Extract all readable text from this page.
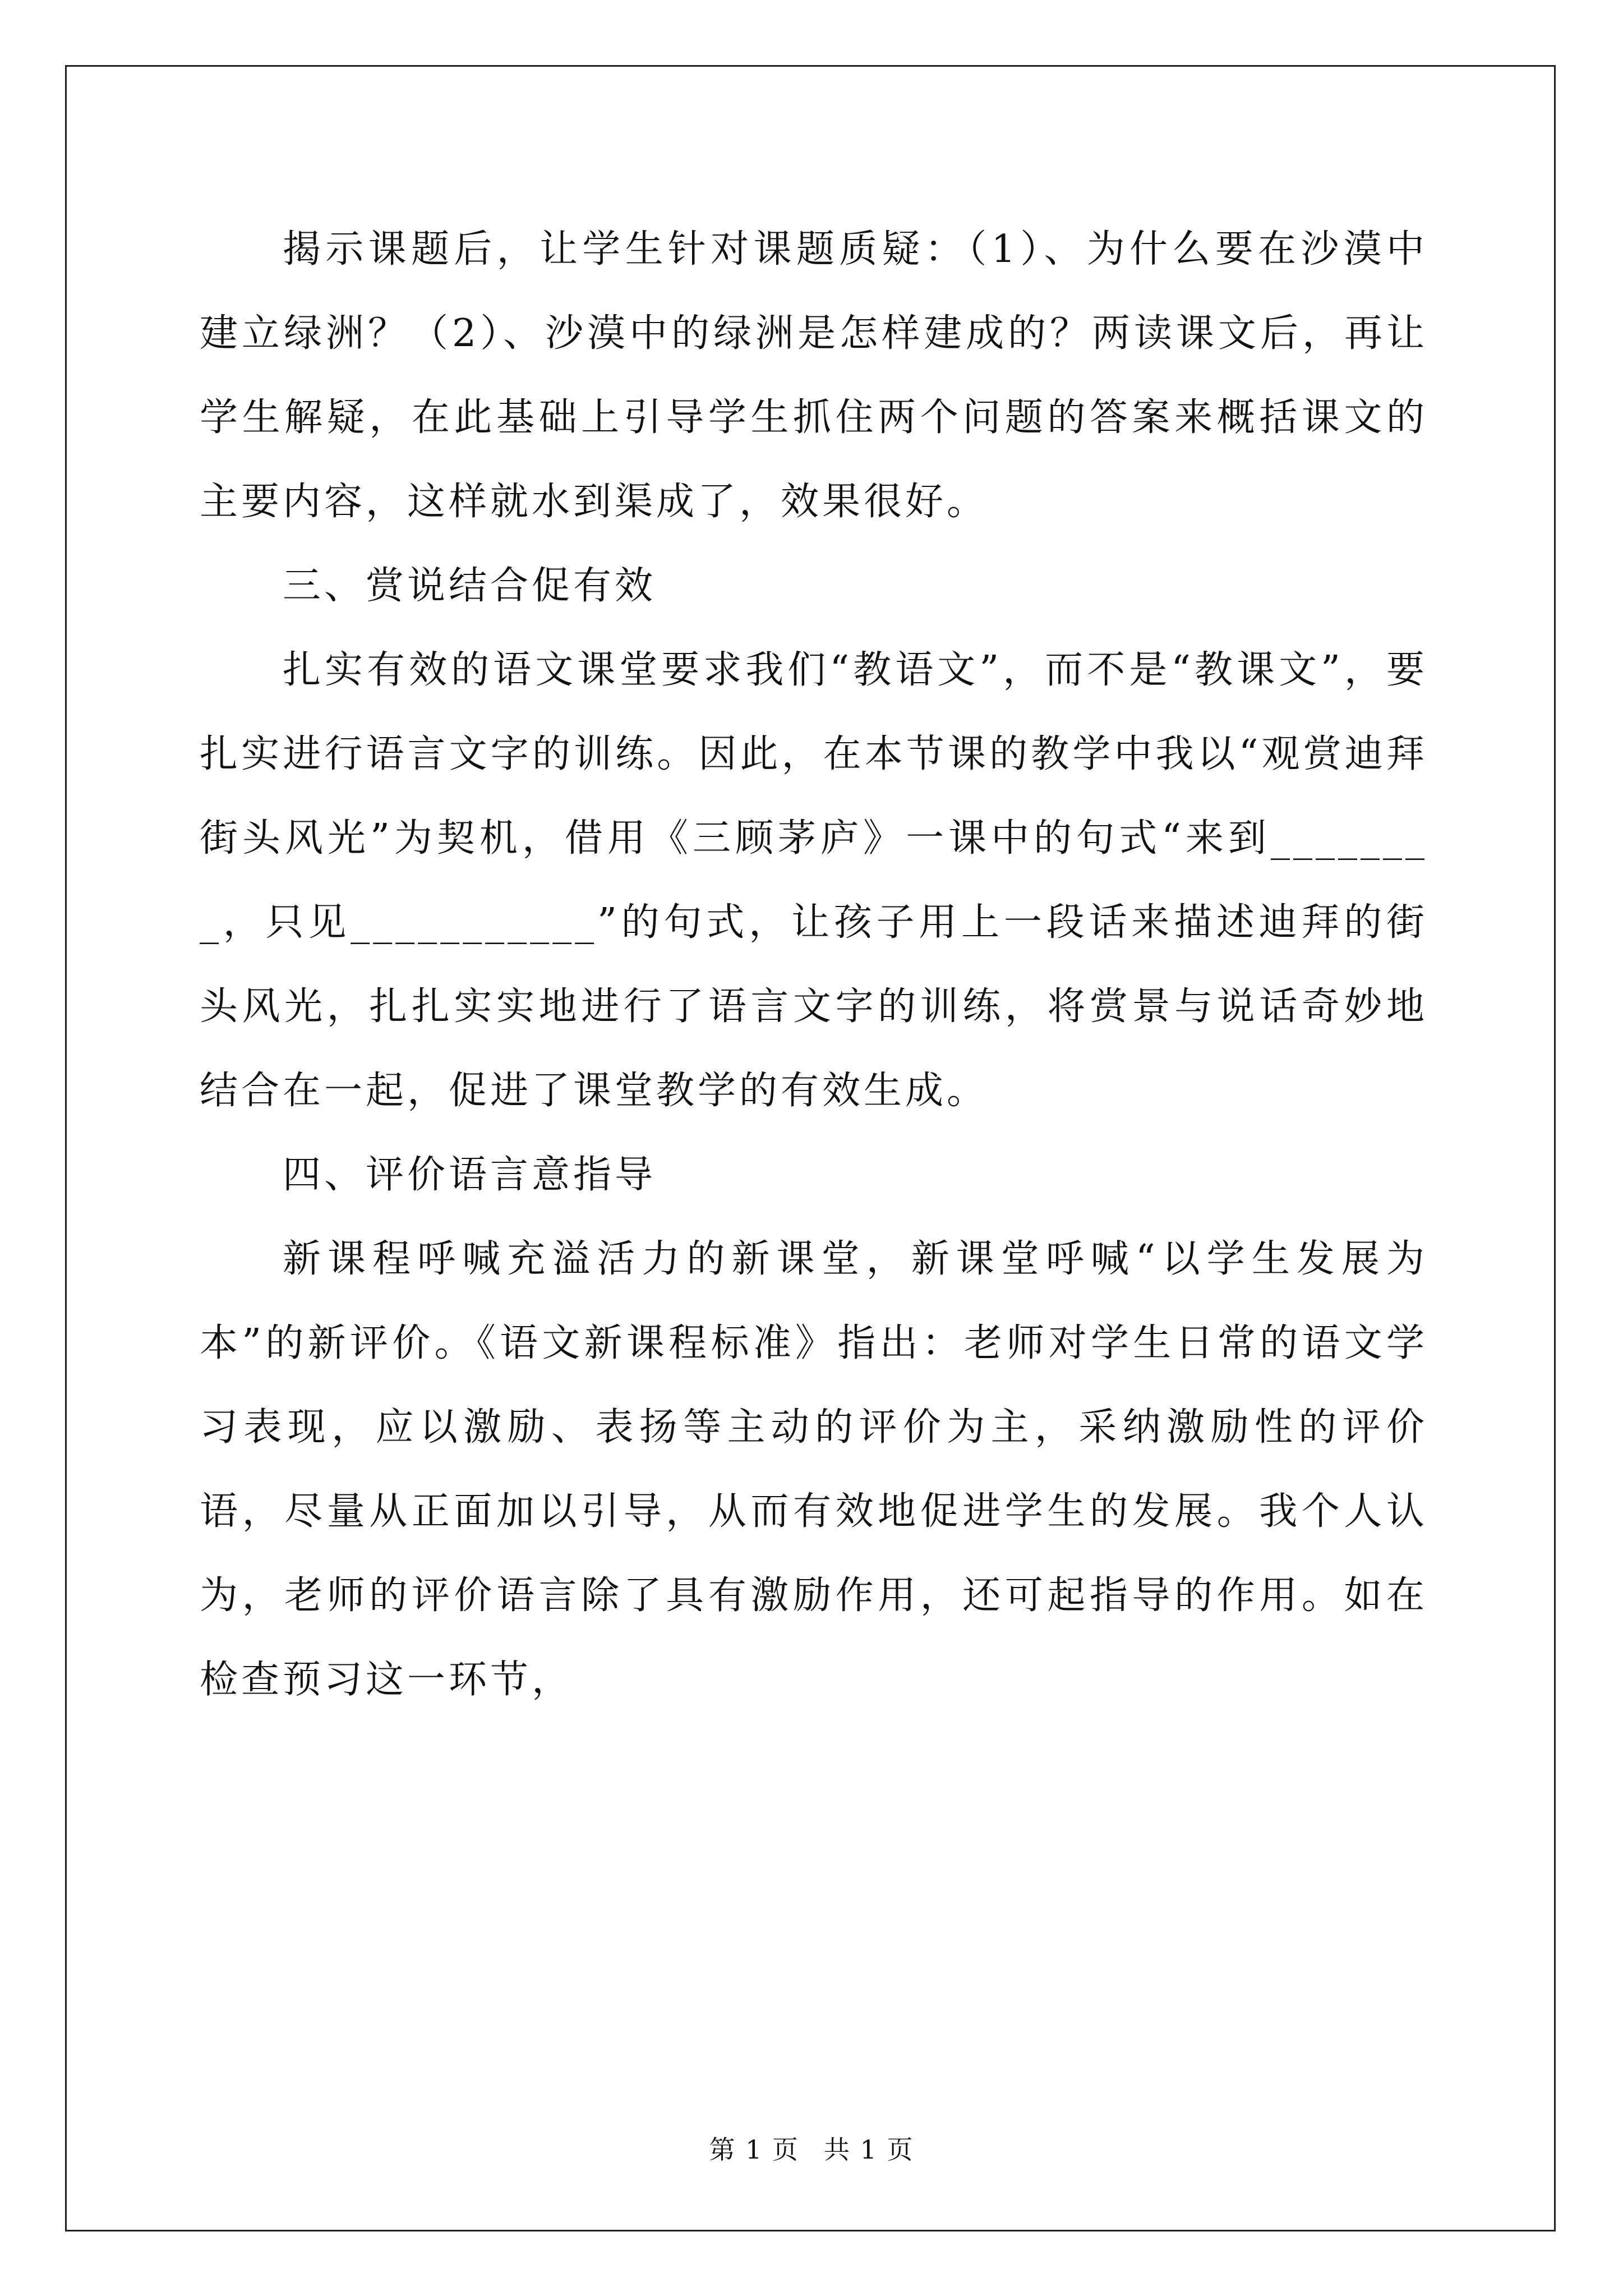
揭示课题后，让学生针对课题质疑：（1）、为什么要在沙漠中建立绿洲？（2）、沙漠中的绿洲是怎样建成的？两读课文后，再让学生解疑，在此基础上引导学生抓住两个问题的答案来概括课文的主要内容，这样就水到渠成了，效果很好。

三、赏说结合促有效

扎实有效的语文课堂要求我们“教语文”，而不是“教课文”，要扎实进行语言文字的训练。因此，在本节课的教学中我以“观赏迪拜街头风光”为契机，借用《三顾茅庐》一课中的句式“来到________，只见___________”的句式，让孩子用上一段话来描述迪拜的街头风光，扎扎实实地进行了语言文字的训练，将赏景与说话奇妙地结合在一起，促进了课堂教学的有效生成。

四、评价语言意指导

新课程呼喊充溢活力的新课堂，新课堂呼喊“以学生发展为本”的新评价。《语文新课程标准》指出：老师对学生日常的语文学习表现，应以激励、表扬等主动的评价为主，采纳激励性的评价语，尽量从正面加以引导，从而有效地促进学生的发展。我个人认为，老师的评价语言除了具有激励作用，还可起指导的作用。如在检查预习这一环节，

第 1 页 共 1 页
